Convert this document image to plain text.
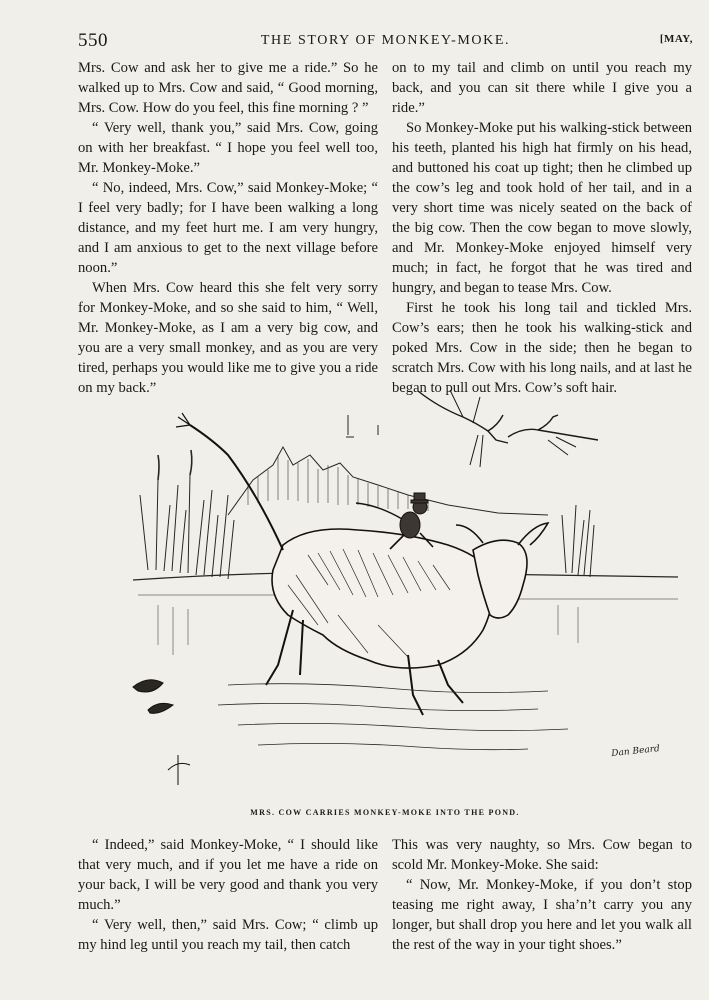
550	THE STORY OF MONKEY-MOKE.	[MAY,

Mrs. Cow and ask her to give me a ride.” So he walked up to Mrs. Cow and said, “ Good morning, Mrs. Cow. How do you feel, this fine morning ? ”

“ Very well, thank you,” said Mrs. Cow, going on with her breakfast. “ I hope you feel well too, Mr. Monkey-Moke.”

“ No, indeed, Mrs. Cow,” said Monkey-Moke; “ I feel very badly; for I have been walking a long distance, and my feet hurt me. I am very hungry, and I am anxious to get to the next village before noon.”

When Mrs. Cow heard this she felt very sorry for Monkey-Moke, and so she said to him, “ Well, Mr. Monkey-Moke, as I am a very big cow, and you are a very small monkey, and as you are very tired, perhaps you would like me to give you a ride on my back.”

on to my tail and climb on until you reach my back, and you can sit there while I give you a ride.”

So Monkey-Moke put his walking-stick between his teeth, planted his high hat firmly on his head, and buttoned his coat up tight; then he climbed up the cow’s leg and took hold of her tail, and in a very short time was nicely seated on the back of the big cow. Then the cow began to move slowly, and Mr. Monkey-Moke enjoyed himself very much; in fact, he forgot that he was tired and hungry, and began to tease Mrs. Cow.

First he took his long tail and tickled Mrs. Cow’s ears; then he took his walking-stick and poked Mrs. Cow in the side; then he began to scratch Mrs. Cow with his long nails, and at last he began to pull out Mrs. Cow’s soft hair.

Dan Beard
MRS. COW CARRIES MONKEY-MOKE INTO THE POND.

“ Indeed,” said Monkey-Moke, “ I should like that very much, and if you let me have a ride on your back, I will be very good and thank you very much.”

“ Very well, then,” said Mrs. Cow; “ climb up my hind leg until you reach my tail, then catch

This was very naughty, so Mrs. Cow began to scold Mr. Monkey-Moke. She said:

“ Now, Mr. Monkey-Moke, if you don’t stop teasing me right away, I sha’n’t carry you any longer, but shall drop you here and let you walk all the rest of the way in your tight shoes.”
